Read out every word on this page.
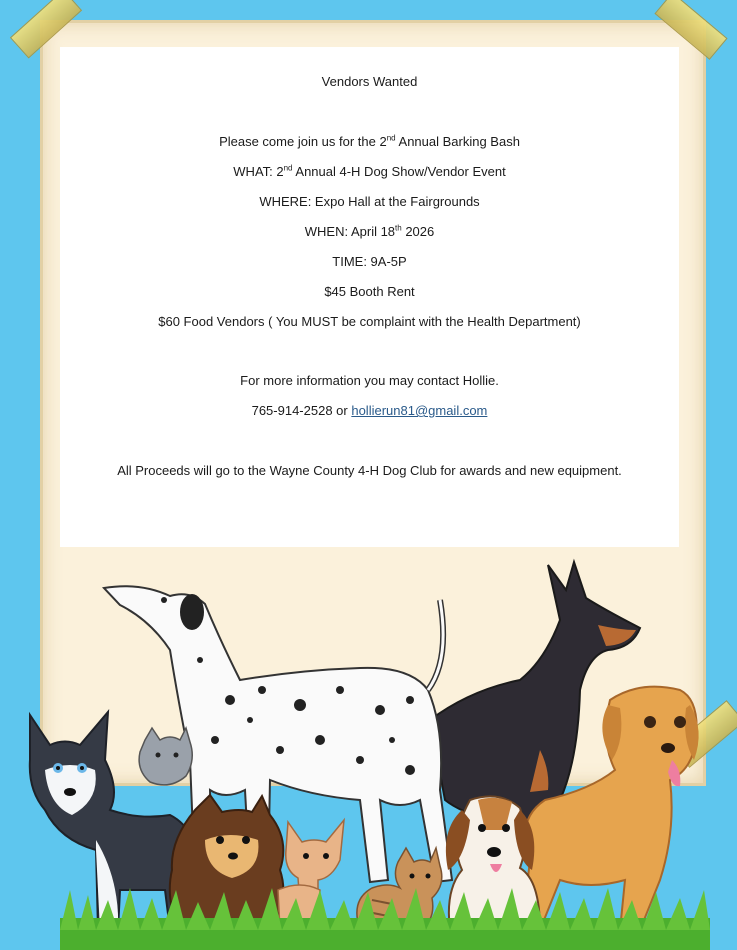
Vendors Wanted
Please come join us for the 2nd Annual Barking Bash
WHAT: 2nd Annual 4-H Dog Show/Vendor Event
WHERE: Expo Hall at the Fairgrounds
WHEN: April 18th 2026
TIME: 9A-5P
$45 Booth Rent
$60 Food Vendors ( You MUST be complaint with the Health Department)
For more information you may contact Hollie.
765-914-2528 or hollierun81@gmail.com
All Proceeds will go to the Wayne County 4-H Dog Club for awards and new equipment.
